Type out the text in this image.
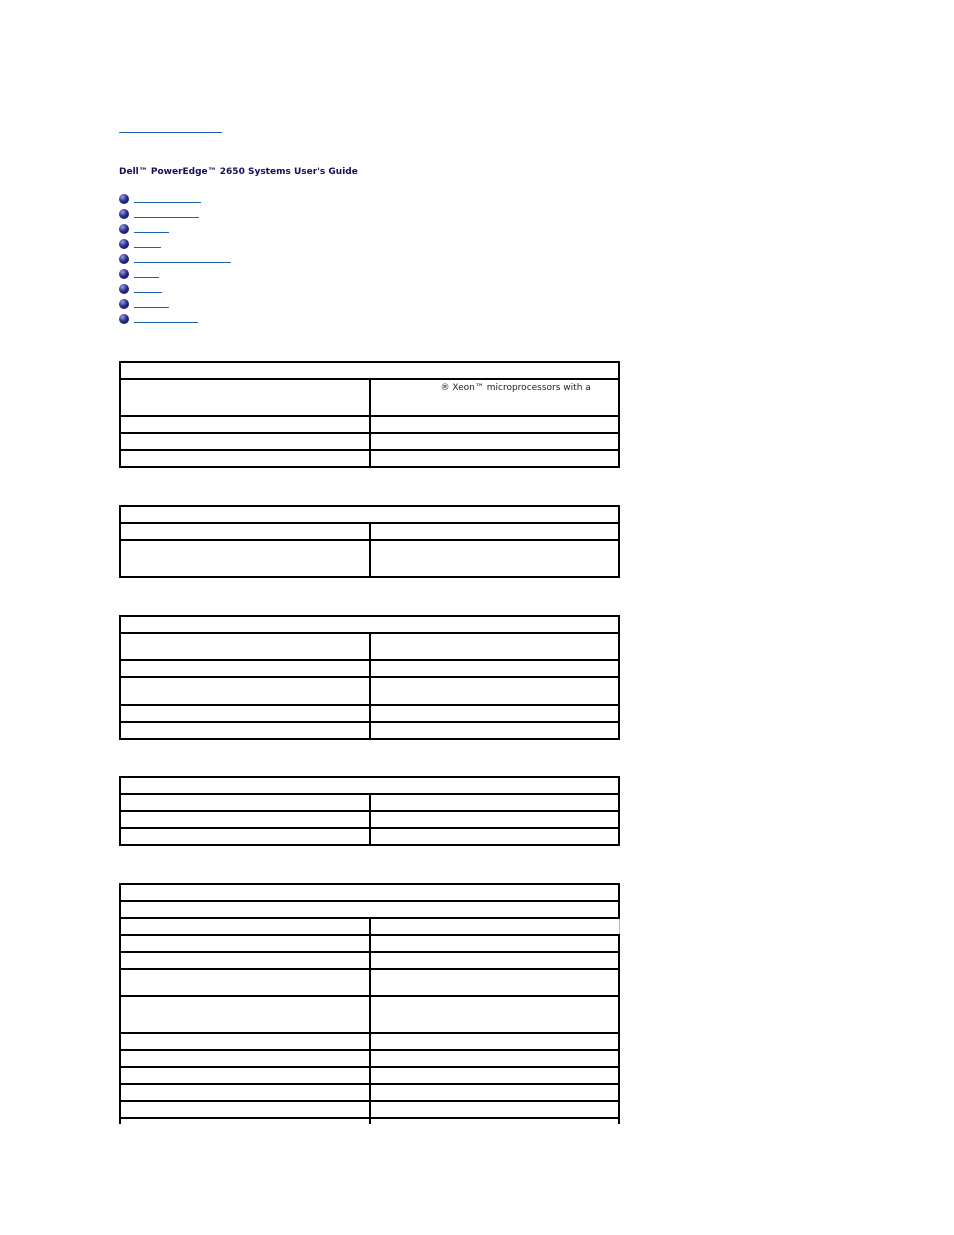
Dell™ PowerEdge™ 2650 Systems User's Guide

	® Xeon™ microprocessors with a
